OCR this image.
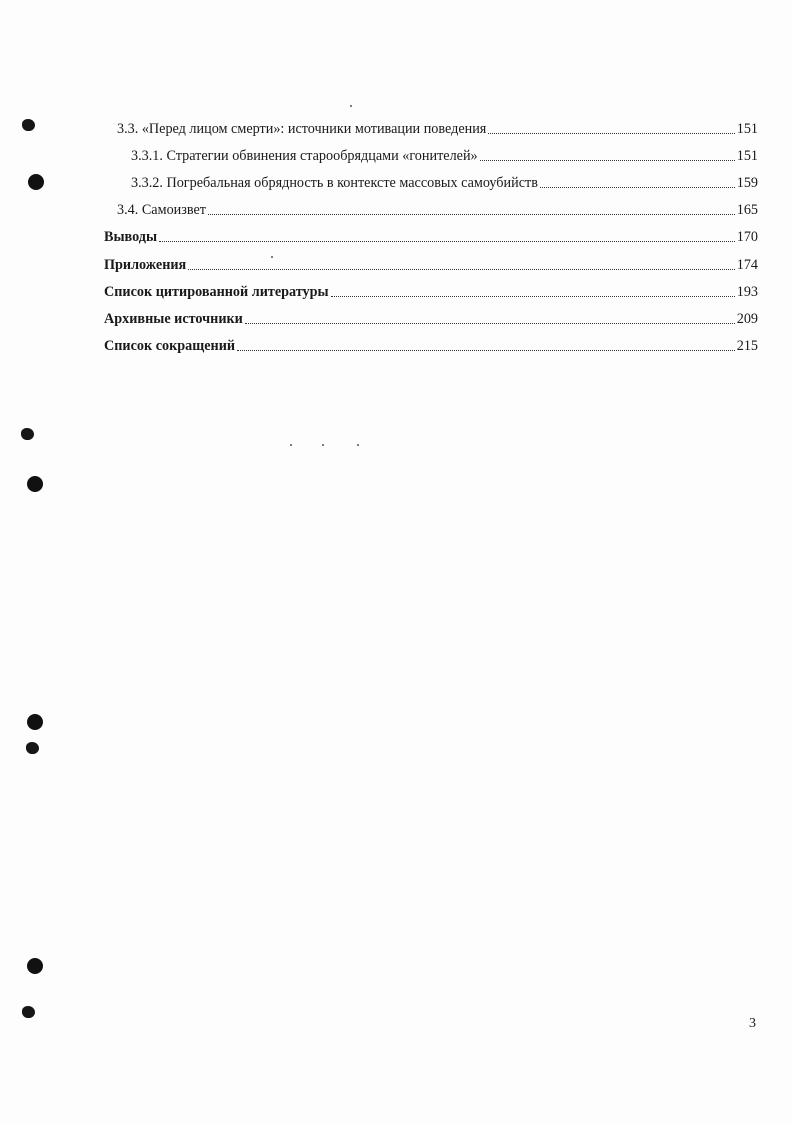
3.3. «Перед лицом смерти»: источники мотивации поведения	151
3.3.1. Стратегии обвинения старообрядцами «гонителей»	151
3.3.2. Погребальная обрядность в контексте массовых самоубийств	159
3.4. Самоизвет	165
Выводы	170
Приложения	174
Список цитированной литературы	193
Архивные источники	209
Список сокращений	215
3
